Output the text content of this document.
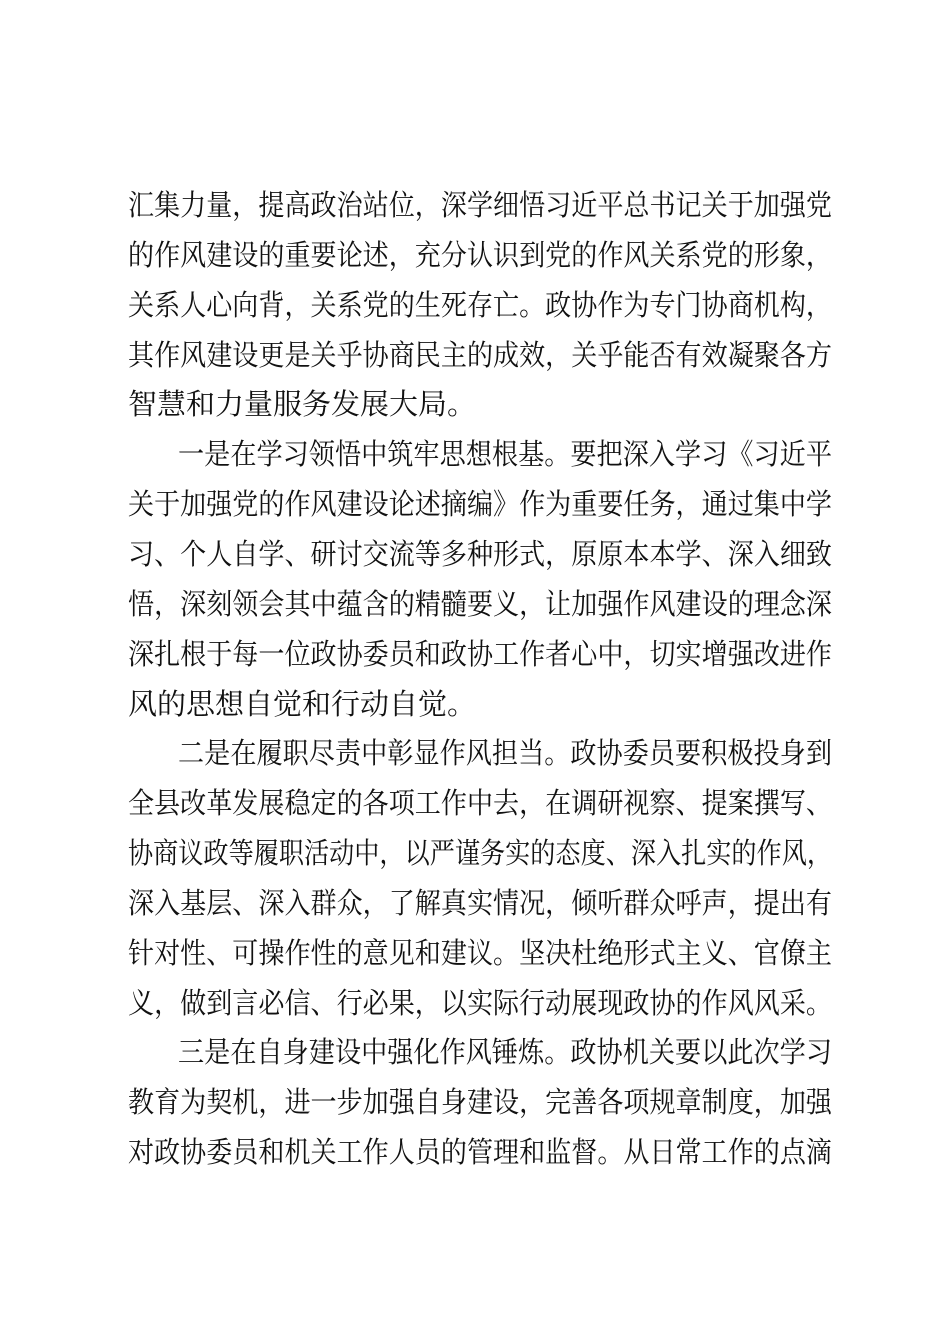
汇集力量，提高政治站位，深学细悟习近平总书记关于加强党
的作风建设的重要论述，充分认识到党的作风关系党的形象，
关系人心向背，关系党的生死存亡。政协作为专门协商机构，
其作风建设更是关乎协商民主的成效，关乎能否有效凝聚各方
智慧和力量服务发展大局。
一是在学习领悟中筑牢思想根基。要把深入学习《习近平
关于加强党的作风建设论述摘编》作为重要任务，通过集中学
习、个人自学、研讨交流等多种形式，原原本本学、深入细致
悟，深刻领会其中蕴含的精髓要义，让加强作风建设的理念深
深扎根于每一位政协委员和政协工作者心中，切实增强改进作
风的思想自觉和行动自觉。
二是在履职尽责中彰显作风担当。政协委员要积极投身到
全县改革发展稳定的各项工作中去，在调研视察、提案撰写、
协商议政等履职活动中，以严谨务实的态度、深入扎实的作风，
深入基层、深入群众，了解真实情况，倾听群众呼声，提出有
针对性、可操作性的意见和建议。坚决杜绝形式主义、官僚主
义，做到言必信、行必果，以实际行动展现政协的作风风采。
三是在自身建设中强化作风锤炼。政协机关要以此次学习
教育为契机，进一步加强自身建设，完善各项规章制度，加强
对政协委员和机关工作人员的管理和监督。从日常工作的点滴
